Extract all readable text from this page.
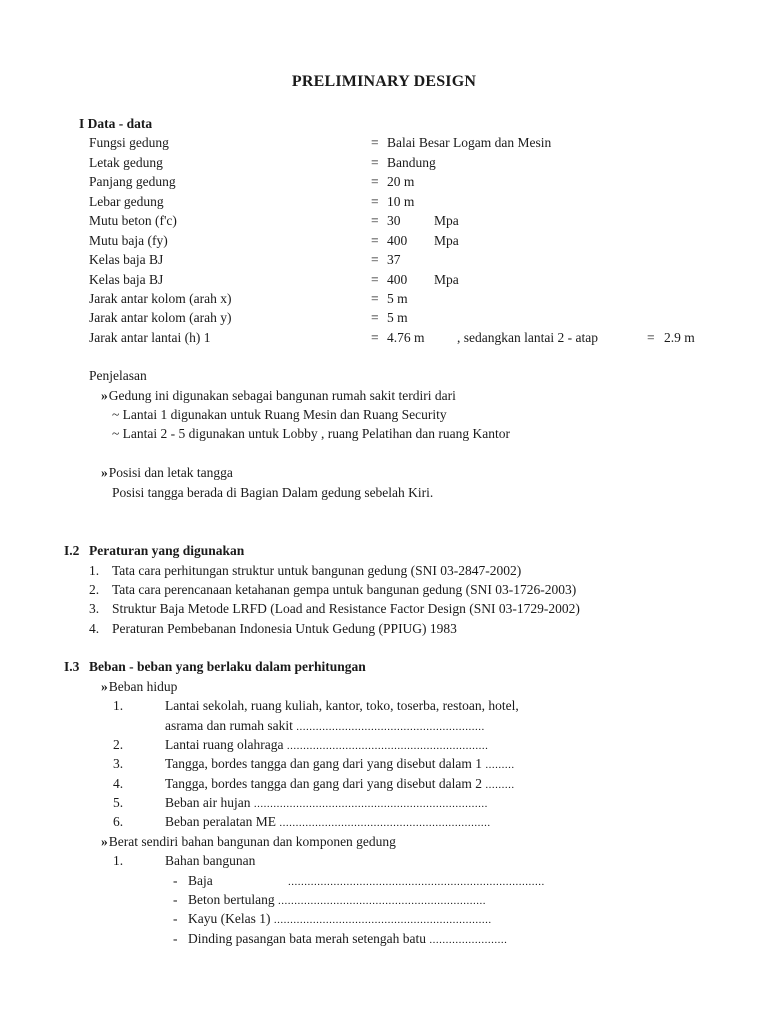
PRELIMINARY DESIGN
I Data - data
Fungsi gedung	= Balai Besar Logam dan Mesin
Letak gedung	= Bandung
Panjang gedung	= 20 m
Lebar gedung	= 10 m
Mutu beton (f'c)	= 30 Mpa
Mutu baja (fy)	= 400 Mpa
Kelas baja BJ	= 37
Kelas baja BJ	= 400 Mpa
Jarak antar kolom (arah x)	= 5 m
Jarak antar kolom (arah y)	= 5 m
Jarak antar lantai (h) 1	= 4.76 m , sedangkan lantai 2 - atap	= 2.9 m
Penjelasan
»Gedung ini digunakan sebagai bangunan rumah sakit terdiri dari
~ Lantai 1 digunakan untuk Ruang Mesin dan Ruang Security
~ Lantai 2 - 5 digunakan untuk Lobby , ruang Pelatihan dan ruang Kantor
»Posisi dan letak tangga
Posisi tangga berada di Bagian Dalam gedung sebelah Kiri.
I.2 Peraturan yang digunakan
1. Tata cara perhitungan struktur untuk bangunan gedung (SNI 03-2847-2002)
2. Tata cara perencanaan ketahanan gempa untuk bangunan gedung (SNI 03-1726-2003)
3. Struktur Baja Metode LRFD (Load and Resistance Factor Design (SNI 03-1729-2002)
4. Peraturan Pembebanan Indonesia Untuk Gedung (PPIUG) 1983
I.3 Beban - beban yang berlaku dalam perhitungan
»Beban hidup
1.	Lantai sekolah, ruang kuliah, kantor, toko, toserba, restoan, hotel,
asrama dan rumah sakit ..........................................................
2.	Lantai ruang olahraga ..............................................................
3.	Tangga, bordes tangga dan gang dari yang disebut dalam 1 .........
4.	Tangga, bordes tangga dan gang dari yang disebut dalam 2 .........
5.	Beban air hujan ........................................................................
6.	Beban peralatan ME .................................................................
»Berat sendiri bahan bangunan dan komponen gedung
1.	Bahan bangunan
- Baja	...............................................................................
- Beton bertulang ................................................................
- Kayu (Kelas 1) ...................................................................
- Dinding pasangan bata merah setengah batu ........................
